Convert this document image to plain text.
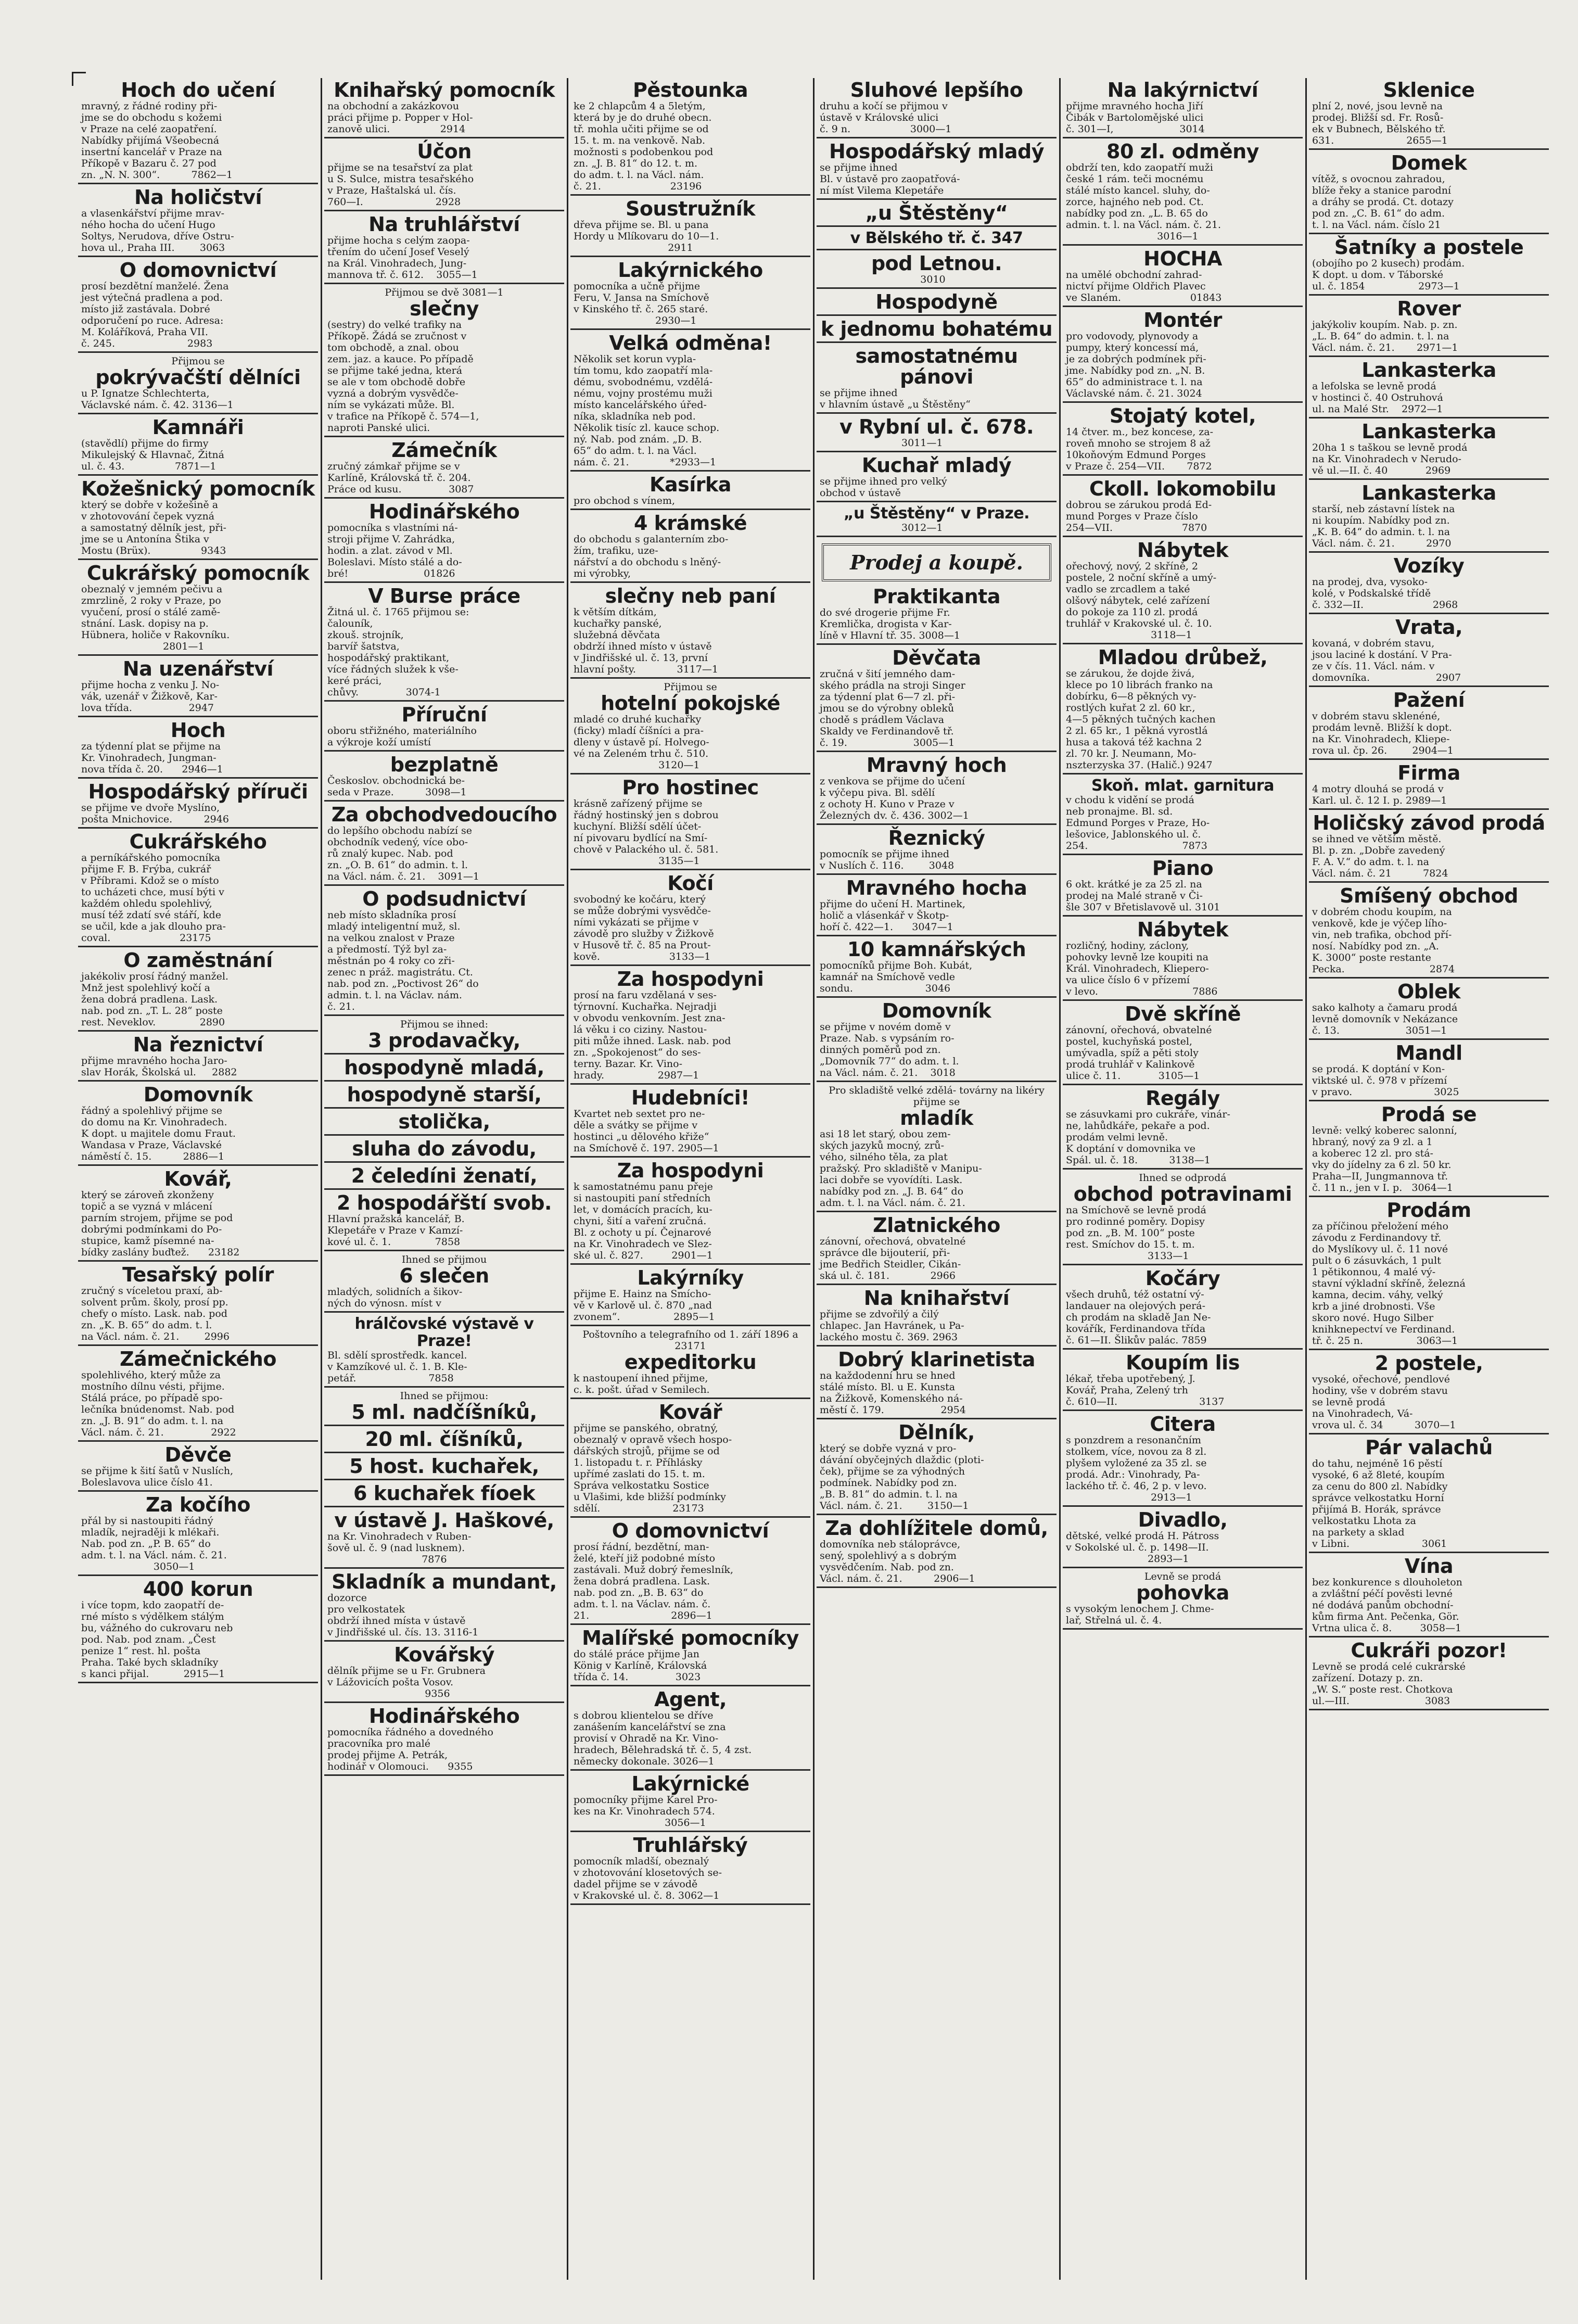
Hoch do učení
mravný, z řádné rodiny při-
jme se do obchodu s kožemi
v Praze na celé zaopatření.
Nabídky přijímá Všeobecná
insertní kancelář v Praze na
Příkopě v Bazaru č. 27 pod
zn. „N. N. 300“.          7862—1
Na holičství
a vlasenkářství přijme mrav-
ného hocha do učení Hugo
Soltys, Nerudova, dříve Ostru-
hova ul., Praha III.        3063
O domovnictví
prosí bezdětní manželé. Žena
jest výtečná pradlena a pod.
místo již zastávala. Dobré
odporučení po ruce. Adresa:
M. Koláříková, Praha VII.
č. 245.                       2983
Přijmou se
pokrývačští dělníci
u P. Ignatze Schlechterta,
Václavské nám. č. 42. 3136—1
Kamnáři
(stavědlí) přijme do firmy
Mikulejský & Hlavnač, Žitná
ul. č. 43.                7871—1
Kožešnický pomocník
který se dobře v kožešině a
v zhotovování čepek vyzná
a samostatný dělník jest, při-
jme se u Antonína Štika v
Mostu (Brüx).                9343
Cukrářský pomocník
obeznalý v jemném pečivu a
zmrzlině, 2 roky v Praze, po
vyučení, prosí o stálé zamě-
stnání. Lask. dopisy na p.
Hübnera, holiče v Rakovníku.
2801—1
Na uzenářství
přijme hocha z venku J. No-
vák, uzenář v Žižkově, Kar-
lova třída.                  2947
Hoch
za týdenní plat se přijme na
Kr. Vinohradech, Jungman-
nova třída č. 20.      2946—1
Hospodářský příruči
se přijme ve dvoře Myslíno,
pošta Mnichovice.          2946
Cukrářského
a perníkářského pomocníka
přijme F. B. Frýba, cukrář
v Příbrami. Kdož se o místo
to ucházeti chce, musí býti v
každém ohledu spolehlivý,
musí též zdatí své stáří, kde
se učil, kde a jak dlouho pra-
coval.                      23175
O zaměstnání
jakékoliv prosí řádný manžel.
Mnž jest spolehlivý kočí a
žena dobrá pradlena. Lask.
nab. pod zn. „T. L. 28“ poste
rest. Neveklov.              2890
Na řeznictví
přijme mravného hocha Jaro-
slav Horák, Školská ul.     2882
Domovník
řádný a spolehlivý přijme se
do domu na Kr. Vinohradech.
K dopt. u majitele domu Fraut.
Wandasa v Praze, Václavské
náměstí č. 15.          2886—1
Kovář,
který se zároveň zkonženy
topič a se vyzná v mlácení
parním strojem, přijme se pod
dobrými podmínkami do Po-
stupice, kamž písemné na-
bídky zaslány buďtež.      23182
Tesařský polír
zručný s víceletou praxí, ab-
solvent prům. školy, prosí pp.
chefy o místo. Lask. nab. pod
zn. „K. B. 65“ do adm. t. l.
na Václ. nám. č. 21.        2996
Zámečnického
spolehlivého, který může za
mostního dílnu vésti, přijme.
Stálá práce, po případě spo-
lečníka bnúdenomst. Nab. pod
zn. „J. B. 91“ do adm. t. l. na
Václ. nám. č. 21.               2922
Děvče
se přijme k šití šatů v Nuslích,
Boleslavova ulice číslo 41.
Za kočího
přál by si nastoupiti řádný
mladík, nejraději k mlékaři.
Nab. pod zn. „P. B. 65“ do
adm. t. l. na Václ. nám. č. 21.
3050—1
400 korun
i více topm, kdo zaopatří de-
rné místo s výdělkem stálým
bu, vážného do cukrovaru neb
pod. Nab. pod znam. „Čest
penize 1“ rest. hl. pošta
Praha. Také bych skladníky
s kanci přijal.           2915—1
Knihařský pomocník
na obchodní a zakázkovou
práci přijme p. Popper v Hol-
zanově ulici.                2914
Účon
přijme se na tesařství za plat
u S. Sulce, mistra tesařského
v Praze, Haštalská ul. čís.
760—I.                       2928
Na truhlářství
přijme hocha s celým zaopa-
třením do učení Josef Veselý
na Král. Vinohradech, Jung-
mannova tř. č. 612.    3055—1
Přijmou se dvě 3081—1
slečny
(sestry) do velké trafiky na
Příkopě. Žádá se zručnost v
tom obchodě, a znal. obou
zem. jaz. a kauce. Po případě
se přijme také jedna, která
se ale v tom obchodě dobře
vyzná a dobrým vysvědče-
ním se vykázati může. Bl.
v trafice na Příkopě č. 574—1,
naproti Panské ulici.
Zámečník
zručný zámkař přijme se v
Karlíně, Královská tř. č. 204.
Práce od kusu.               3087
Hodinářského
pomocníka s vlastními ná-
stroji přijme V. Zahrádka,
hodin. a zlat. závod v Ml.
Boleslavi. Místo stálé a do-
bré!                        01826
V Burse práce
Žitná ul. č. 1765 přijmou se:
čalouník,
zkouš. strojník,
barvíř šatstva,
hospodářský praktikant,
více řádných služek k vše-
keré práci,
chůvy.               3074-1
Příruční
oboru střižného, materiálního
a výkroje koží umístí
bezplatně
Českoslov. obchodnická be-
seda v Praze.          3098—1
Za obchodvedoucího
do lepšího obchodu nabízí se
obchodník vedený, více obo-
rů znalý kupec. Nab. pod
zn. „O. B. 61“ do admin. t. l.
na Václ. nám. č. 21.    3091—1
O podsudnictví
neb místo skladníka prosí
mladý inteligentní muž, sl.
na velkou znalost v Praze
a předmostí. Týž byl za-
městnán po 4 roky co zři-
zenec n práž. magistrátu. Ct.
nab. pod zn. „Poctivost 26“ do
admin. t. l. na Václav. nám.
č. 21.
Přijmou se ihned:
3 prodavačky,
hospodyně mladá,
hospodyně starší,
stolička,
sluha do závodu,
2 čeledíni ženatí,
2 hospodářští svob.
Hlavní pražská kancelář, B.
Klepetáře v Praze v Kamzí-
kové ul. č. 1.              7858
Ihned se přijmou
6 slečen
mladých, solidních a šikov-
ných do výnosn. míst v
hrálčovské výstavě v Praze!
Bl. sdělí sprostředk. kancel.
v Kamzíkové ul. č. 1. B. Kle-
petář.                       7858
Ihned se přijmou:
5 ml. nadčíšníků,
20 ml. číšníků,
5 host. kuchařek,
6 kuchařek fíoek
v ústavě J. Haškové,
na Kr. Vinohradech v Ruben-
šově ul. č. 9 (nad lusknem).
7876
Skladník a mundant,
dozorce
pro velkostatek
obdrží ihned místa v ústavě
v Jindřišské ul. čís. 13. 3116-1
Kovářský
dělník přijme se u Fr. Grubnera
v Lážovicích pošta Vosov.
9356
Hodinářského
pomocníka řádného a dovedného
pracovníka pro malé
prodej přijme A. Petrák,
hodinář v Olomouci.      9355
Pěstounka
ke 2 chlapcům 4 a 5letým,
která by je do druhé obecn.
tř. mohla učiti přijme se od
15. t. m. na venkově. Nab.
možnosti s podobenkou pod
zn. „J. B. 81“ do 12. t. m.
do adm. t. l. na Václ. nám.
č. 21.                      23196
Soustružník
dřeva přijme se. Bl. u pana
Hordy u Mlíkovaru do 10—1.
2911
Lakýrnického
pomocníka a učně přijme
Feru, V. Jansa na Smíchově
v Kinského tř. č. 265 staré.
2930—1
Velká odměna!
Několik set korun vypla-
tím tomu, kdo zaopatří mla-
dému, svobodnému, vzdělá-
nému, vojny prostému muži
místo kancelářského úřed-
níka, skladníka neb pod.
Několik tisíc zl. kauce schop.
ný. Nab. pod znám. „D. B.
65“ do adm. t. l. na Václ.
nám. č. 21.             *2933—1
Kasírka
pro obchod s vínem,
4 krámské
do obchodu s galanterním zbo-
žím, trafiku, uze-
nářství a do obchodu s lněný-
mi výrobky,
slečny neb paní
k větším dítkám,
kuchařky panské,
služebná děvčata
obdrží ihned místo v ústavě
v Jindřišské ul. č. 13, první
hlavní pošty.             3117—1
Přijmou se
hotelní pokojské
mladé co druhé kuchařky
(ficky) mladí číšníci a pra-
dleny v ústavě pí. Holvego-
vé na Zeleném trhu č. 510.
3120—1
Pro hostinec
krásně zařízený přijme se
řádný hostinský jen s dobrou
kuchyní. Bližší sdělí účet-
ní pivovaru bydlící na Smí-
chově v Palackého ul. č. 581.
3135—1
Kočí
svobodný ke kočáru, který
se může dobrými vysvědče-
ními vykázati se přijme v
závodě pro služby v Žižkově
v Husově tř. č. 85 na Prout-
kově.                      3133—1
Za hospodyni
prosí na faru vzdělaná v ses-
týrnovní. Kuchařka. Nejradji
v obvodu venkovním. Jest zna-
lá věku i co ciziny. Nastou-
piti může ihned. Lask. nab. pod
zn. „Spokojenost“ do ses-
terny. Bazar. Kr. Vino-
hrady.                 2987—1
Hudebníci!
Kvartet neb sextet pro ne-
děle a svátky se přijme v
hostinci „u dělového křiže“
na Smíchově č. 197. 2905—1
Za hospodyni
k samostatnému panu přeje
si nastoupiti paní středních
let, v domácích pracích, ku-
chyni, šití a vaření zručná.
Bl. z ochoty u pí. Čejnarové
na Kr. Vinohradech ve Slez-
ské ul. č. 827.         2901—1
Lakýrníky
přijme E. Hainz na Smícho-
vě v Karlově ul. č. 870 „nad
zvonem“.                 2895—1
Poštovního a telegrafního od 1. září 1896 a 23171
expeditorku
k nastoupení ihned přijme,
c. k. pošt. úřad v Semilech.
Kovář
přijme se panského, obratný,
obeznalý v opravě všech hospo-
dářských strojů, přijme se od
1. listopadu t. r. Příhlásky
upřímé zaslati do 15. t. m.
Správa velkostatku Sostice
u Vlašimi, kde bližší podmínky
sdělí.                       23173
O domovnictví
prosí řádní, bezdětní, man-
želé, kteří již podobné místo
zastávali. Muž dobrý řemeslník,
žena dobrá pradlena. Lask.
nab. pod zn. „B. B. 63“ do
adm. t. l. na Václav. nám. č.
21.                          2896—1
Malířské pomocníky
do stálé práce přijme Jan
König v Karlíně, Královská
třída č. 14.               3023
Agent,
s dobrou klientelou se dříve
zanášením kancelářství se zna
provisí v Ohradě na Kr. Vino-
hradech, Bělehradská tř. č. 5, 4 zst.
německy dokonale. 3026—1
Lakýrnické
pomocníky přijme Karel Pro-
kes na Kr. Vinohradech 574.
3056—1
Truhlářský
pomocník mladší, obeznalý
v zhotovování klosetových se-
dadel přijme se v závodě
v Krakovské ul. č. 8. 3062—1
Sluhové lepšího
druhu a kočí se přijmou v
ústavě v Královské ulici
č. 9 n.                   3000—1
Hospodářský mladý
se přijme ihned
Bl. v ústavě pro zaopatřová-
ní míst Vilema Klepetáře
„u Štěstěny“
v Bělského tř. č. 347
pod Letnou.
3010
Hospodyně
k jednomu bohatému
samostatnému pánovi
se přijme ihned
v hlavním ústavě „u Štěstěny“
v Rybní ul. č. 678.
3011—1
Kuchař mladý
se přijme ihned pro velký
obchod v ústavě
„u Štěstěny“ v Praze.
3012—1
Prodej a koupě.
Praktikanta
do své drogerie přijme Fr.
Kremlička, drogista v Kar-
líně v Hlavní tř. 35. 3008—1
Děvčata
zručná v šití jemného dam-
ského prádla na stroji Singer
za týdenní plat 6—7 zl. při-
jmou se do výrobny obleků
chodě s prádlem Václava
Skaldy ve Ferdinandově tř.
č. 19.                     3005—1
Mravný hoch
z venkova se přijme do učení
k výčepu piva. Bl. sdělí
z ochoty H. Kuno v Praze v
Železných dv. č. 436. 3002—1
Řeznický
pomocník se přijme ihned
v Nuslích č. 116.        3048
Mravného hocha
přijme do učení H. Martinek,
holič a vlásenkář v Škotp-
hoří č. 422—1.      3047—1
10 kamnářských
pomocníků přijme Boh. Kubát,
kamnář na Smíchově vedle
sondu.                       3046
Domovník
se přijme v novém domě v
Praze. Nab. s vypsáním ro-
dinných poměrů pod zn.
„Domovník 77“ do adm. t. l.
na Václ. nám. č. 21.    3018
Pro skladiště velké zdělá- továrny na likéry přijme se
mladík
asi 18 let starý, obou zem-
ských jazyků mocný, zrů-
vého, silného těla, za plat
pražský. Pro skladiště v Manipu-
laci dobře se vyovídíti. Lask.
nabídky pod zn. „J. B. 64“ do
adm. t. l. na Václ. nám. č. 21.
Zlatnického
zánovní, ořechová, obvatelné
správce dle bijouterií, při-
jme Bedřich Steidler, Cikán-
ská ul. č. 181.             2966
Na knihařství
přijme se zdvořilý a čilý
chlapec. Jan Havránek, u Pa-
lackého mostu č. 369. 2963
Dobrý klarinetista
na každodenní hru se hned
stálé místo. Bl. u E. Kunsta
na Žižkově, Komenského ná-
městí č. 179.                  2954
Dělník,
který se dobře vyzná v pro-
dávání obyčejných dlaždic (ploti-
ček), přijme se za výhodných
podmínek. Nabídky pod zn.
„B. B. 81“ do admin. t. l. na
Václ. nám. č. 21.        3150—1
Za dohlížitele domů,
domovníka neb stáloprávce,
sený, spolehlivý a s dobrým
vysvědčením. Nab. pod zn.
Václ. nám. č. 21.          2906—1
Na lakýrnictví
přijme mravného hocha Jiří
Čibák v Bartolomějské ulici
č. 301—I,                     3014
80 zl. odměny
obdrží ten, kdo zaopatří muži
české 1 rám. teči mocnému
stálé místo kancel. sluhy, do-
zorce, hajného neb pod. Ct.
nabídky pod zn. „L. B. 65 do
admin. t. l. na Václ. nám. č. 21.
3016—1
HOCHA
na umělé obchodní zahrad-
nictví přijme Oldřich Plavec
ve Slaném.                      01843
Montér
pro vodovody, plynovody a
pumpy, který koncessí má,
je za dobrých podmínek při-
jme. Nabídky pod zn. „N. B.
65“ do administrace t. l. na
Václavské nám. č. 21. 3024
Stojatý kotel,
14 čtver. m., bez koncese, za-
roveň mnoho se strojem 8 až
10koňovým Edmund Porges
v Praze č. 254—VII.       7872
Ckoll. lokomobilu
dobrou se zárukou prodá Ed-
mund Porges v Praze číslo
254—VII.                      7870
Nábytek
ořechový, nový, 2 skříně, 2
postele, 2 noční skříně a umý-
vadlo se zrcadlem a také
olšový nábytek, celé zařízení
do pokoje za 110 zl. prodá
truhlář v Krakovské ul. č. 10.
3118—1
Mladou drůbež,
se zárukou, že dojde živá,
klece po 10 librách franko na
dobírku, 6—8 pěkných vy-
rostlých kuřat 2 zl. 60 kr.,
4—5 pěkných tučných kachen
2 zl. 65 kr., 1 pěkná vyrostlá
husa a taková též kachna 2
zl. 70 kr. J. Neumann, Mo-
nszterzyska 37. (Halič.) 9247
Skoň. mlat. garnitura
v chodu k vidění se prodá
neb pronajme. Bl. sd.
Edmund Porges v Praze, Ho-
lešovice, Jablonského ul. č.
254.                              7873
Piano
6 okt. krátké je za 25 zl. na
prodej na Malé straně v Či-
šle 307 v Břetislavově ul. 3101
Nábytek
rozličný, hodiny, záclony,
pohovky levně lze koupiti na
Král. Vinohradech, Kliepero-
va ulice číslo 6 v přízemí
v levo.                              7886
Dvě skříně
zánovní, ořechová, obvatelné
postel, kuchyňská postel,
umývadla, spíž a pěti stoly
prodá truhlář v Kalinkově
ulice č. 11.            3105—1
Regály
se zásuvkami pro cukráře, vinár-
ne, lahůdkáře, pekaře a pod.
prodám velmi levně.
K doptání v domovnika ve
Spál. ul. č. 18.          3138—1
Ihned se odprodá
obchod potravinami
na Smíchově se levně prodá
pro rodinné poměry. Dopisy
pod zn. „B. M. 100“ poste
rest. Smíchov do 15. t. m.
3133—1
Kočáry
všech druhů, též ostatní vý-
landauer na olejových perá-
ch prodám na skladě Jan Ne-
kovářík, Ferdinandova třída
č. 61—II. Šlikův palác. 7859
Koupím lis
lékař, třeba upotřebený, J.
Kovář, Praha, Zelený trh
č. 610—II.                          3137
Citera
s ponzdrem a resonančním
stolkem, více, novou za 8 zl.
plyšem vyložené za 35 zl. se
prodá. Adr.: Vinohrady, Pa-
lackého tř. č. 46, 2 p. v levo.
2913—1
Divadlo,
dětské, velké prodá H. Pátross
v Sokolské ul. č. p. 1498—II.
2893—1
Levně se prodá
pohovka
s vysokým lenochem J. Chme-
lař, Střelná ul. č. 4.
Sklenice
plní 2, nové, jsou levně na
prodej. Bližší sd. Fr. Rosů-
ek v Bubnech, Bělského tř.
631.                       2655—1
Domek
vítěž, s ovocnou zahradou,
blíže řeky a stanice parodní
a dráhy se prodá. Ct. dotazy
pod zn. „C. B. 61“ do adm.
t. l. na Václ. nám. číslo 21
Šatníky a postele
(obojího po 2 kusech) prodám.
K dopt. u dom. v Táborské
ul. č. 1854                 2973—1
Rover
jakýkoliv koupím. Nab. p. zn.
„L. B. 64“ do admin. t. l. na
Václ. nám. č. 21.       2971—1
Lankasterka
a lefolska se levně prodá
v hostinci č. 40 Ostruhová
ul. na Malé Str.    2972—1
Lankasterka
20ha 1 s taškou se levně prodá
na Kr. Vinohradech v Nerudo-
vě ul.—II. č. 40            2969
Lankasterka
starší, neb zástavní lístek na
ni koupím. Nabídky pod zn.
„K. B. 64“ do admin. t. l. na
Václ. nám. č. 21.          2970
Vozíky
na prodej, dva, vysoko-
kolé, v Podskalské třídě
č. 332—II.                      2968
Vrata,
kovaná, v dobrém stavu,
jsou laciné k dostání. V Pra-
ze v čís. 11. Václ. nám. v
domovníka.                     2907
Pažení
v dobrém stavu sklenéné,
prodám levně. Bližší k dopt.
na Kr. Vinohradech, Kliepe-
rova ul. čp. 26.        2904—1
Firma
4 motry dlouhá se prodá v
Karl. ul. č. 12 I. p. 2989—1
Holičský závod prodá
se ihned ve větším městě.
Bl. p. zn. „Dobře zavedený
F. A. V.“ do adm. t. l. na
Václ. nám. č. 21          7824
Smíšený obchod
v dobrém chodu koupím, na
venkově, kde je výčep lího-
vin, neb trafika, obchod pří-
nosí. Nabídky pod zn. „A.
K. 3000“ poste restante
Pecka.                           2874
Oblek
sako kalhoty a čamaru prodá
levně domovník v Nekázance
č. 13.                     3051—1
Mandl
se prodá. K doptání v Kon-
viktské ul. č. 978 v přízemí
v pravo.                          3025
Prodá se
levně: velký koberec salonní,
hbraný, nový za 9 zl. a 1
a koberec 12 zl. pro stá-
vky do jídelny za 6 zl. 50 kr.
Praha—II, Jungmannova tř.
č. 11 n., jen v I. p.   3064—1
Prodám
za příčinou přeložení mého
závodu z Ferdinandovy tř.
do Myslíkovy ul. č. 11 nové
pult o 6 zásuvkách, 1 pult
1 pětikonnou, 4 malé vý-
stavní výkladní skříně, železná
kamna, decim. váhy, velký
krb a jiné drobnosti. Vše
skoro nové. Hugo Silber
knihknepectví ve Ferdinand.
tř. č. 25 n.                 3063—1
2 postele,
vysoké, ořechové, pendlové
hodiny, vše v dobrém stavu
se levně prodá
na Vinohradech, Vá-
vrova ul. č. 34          3070—1
Pár valachů
do tahu, nejméně 16 pěstí
vysoké, 6 až 8leté, koupím
za cenu do 800 zl. Nabídky
správce velkostatku Horní
přijímá B. Horák, správce
velkostatku Lhota za
na parkety a sklad
v Libni.                       3061
Vína
bez konkurence s dlouholeton
a zvláštní péčí pověsti levné
né dodává panům obchodní-
kům firma Ant. Pečenka, Gör.
Vrtna ulica č. 8.         3058—1
Cukráři pozor!
Levně se prodá celé cukrárské
zařízení. Dotazy p. zn.
„W. S.“ poste rest. Chotkova
ul.—III.                        3083
